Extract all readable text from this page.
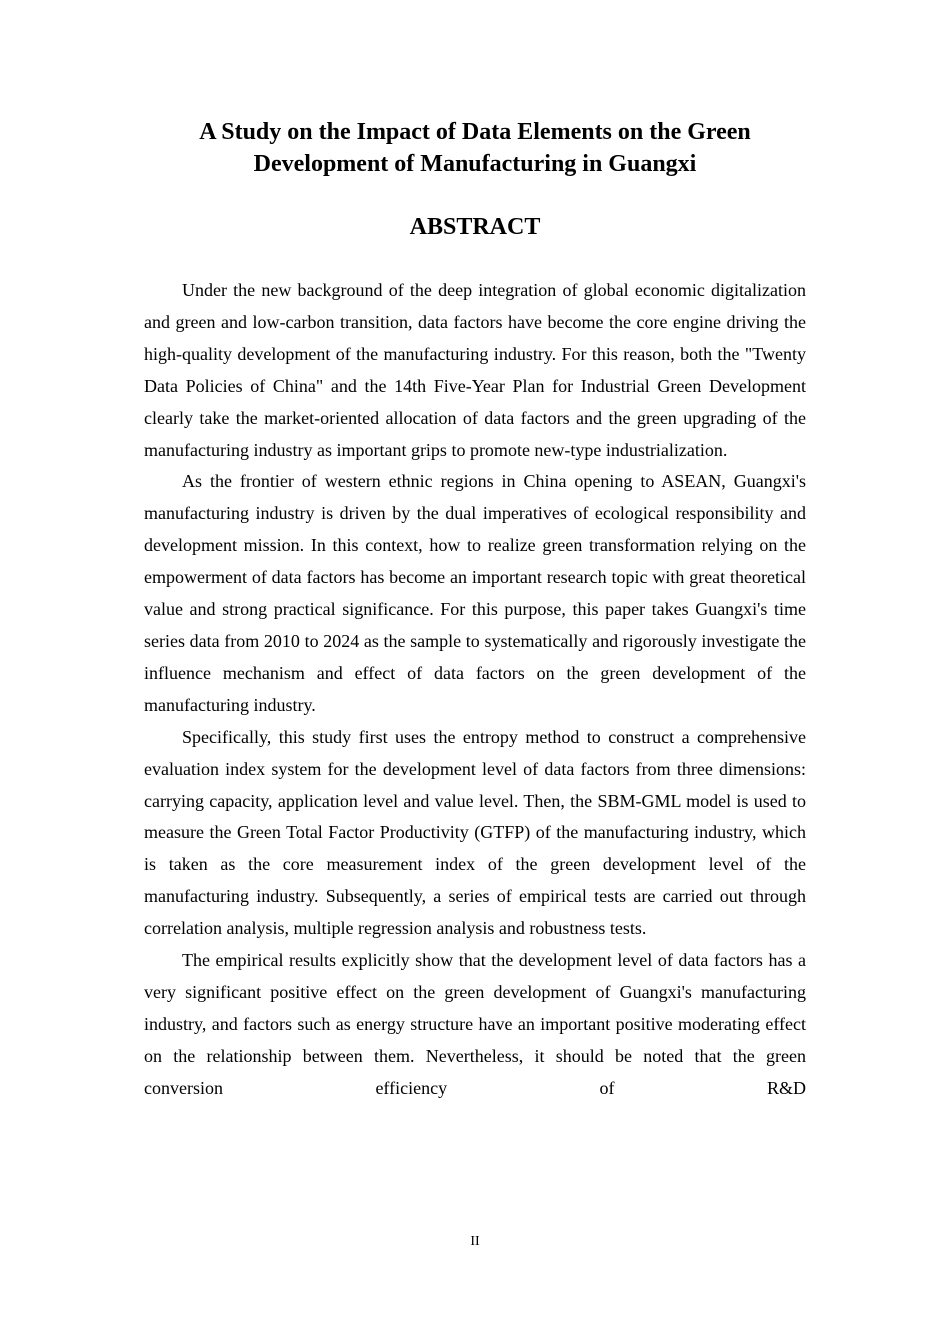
A Study on the Impact of Data Elements on the Green
Development of Manufacturing in Guangxi
ABSTRACT

Under the new background of the deep integration of global economic digitalization and green and low-carbon transition, data factors have become the core engine driving the high-quality development of the manufacturing industry. For this reason, both the "Twenty Data Policies of China" and the 14th Five-Year Plan for Industrial Green Development clearly take the market-oriented allocation of data factors and the green upgrading of the manufacturing industry as important grips to promote new-type industrialization.

As the frontier of western ethnic regions in China opening to ASEAN, Guangxi's manufacturing industry is driven by the dual imperatives of ecological responsibility and development mission. In this context, how to realize green transformation relying on the empowerment of data factors has become an important research topic with great theoretical value and strong practical significance. For this purpose, this paper takes Guangxi's time series data from 2010 to 2024 as the sample to systematically and rigorously investigate the influence mechanism and effect of data factors on the green development of the manufacturing industry.

Specifically, this study first uses the entropy method to construct a comprehensive evaluation index system for the development level of data factors from three dimensions: carrying capacity, application level and value level. Then, the SBM-GML model is used to measure the Green Total Factor Productivity (GTFP) of the manufacturing industry, which is taken as the core measurement index of the green development level of the manufacturing industry. Subsequently, a series of empirical tests are carried out through correlation analysis, multiple regression analysis and robustness tests.

The empirical results explicitly show that the development level of data factors has a very significant positive effect on the green development of Guangxi's manufacturing industry, and factors such as energy structure have an important positive moderating effect on the relationship between them. Nevertheless, it should be noted that the green conversion efficiency of R&D

II
